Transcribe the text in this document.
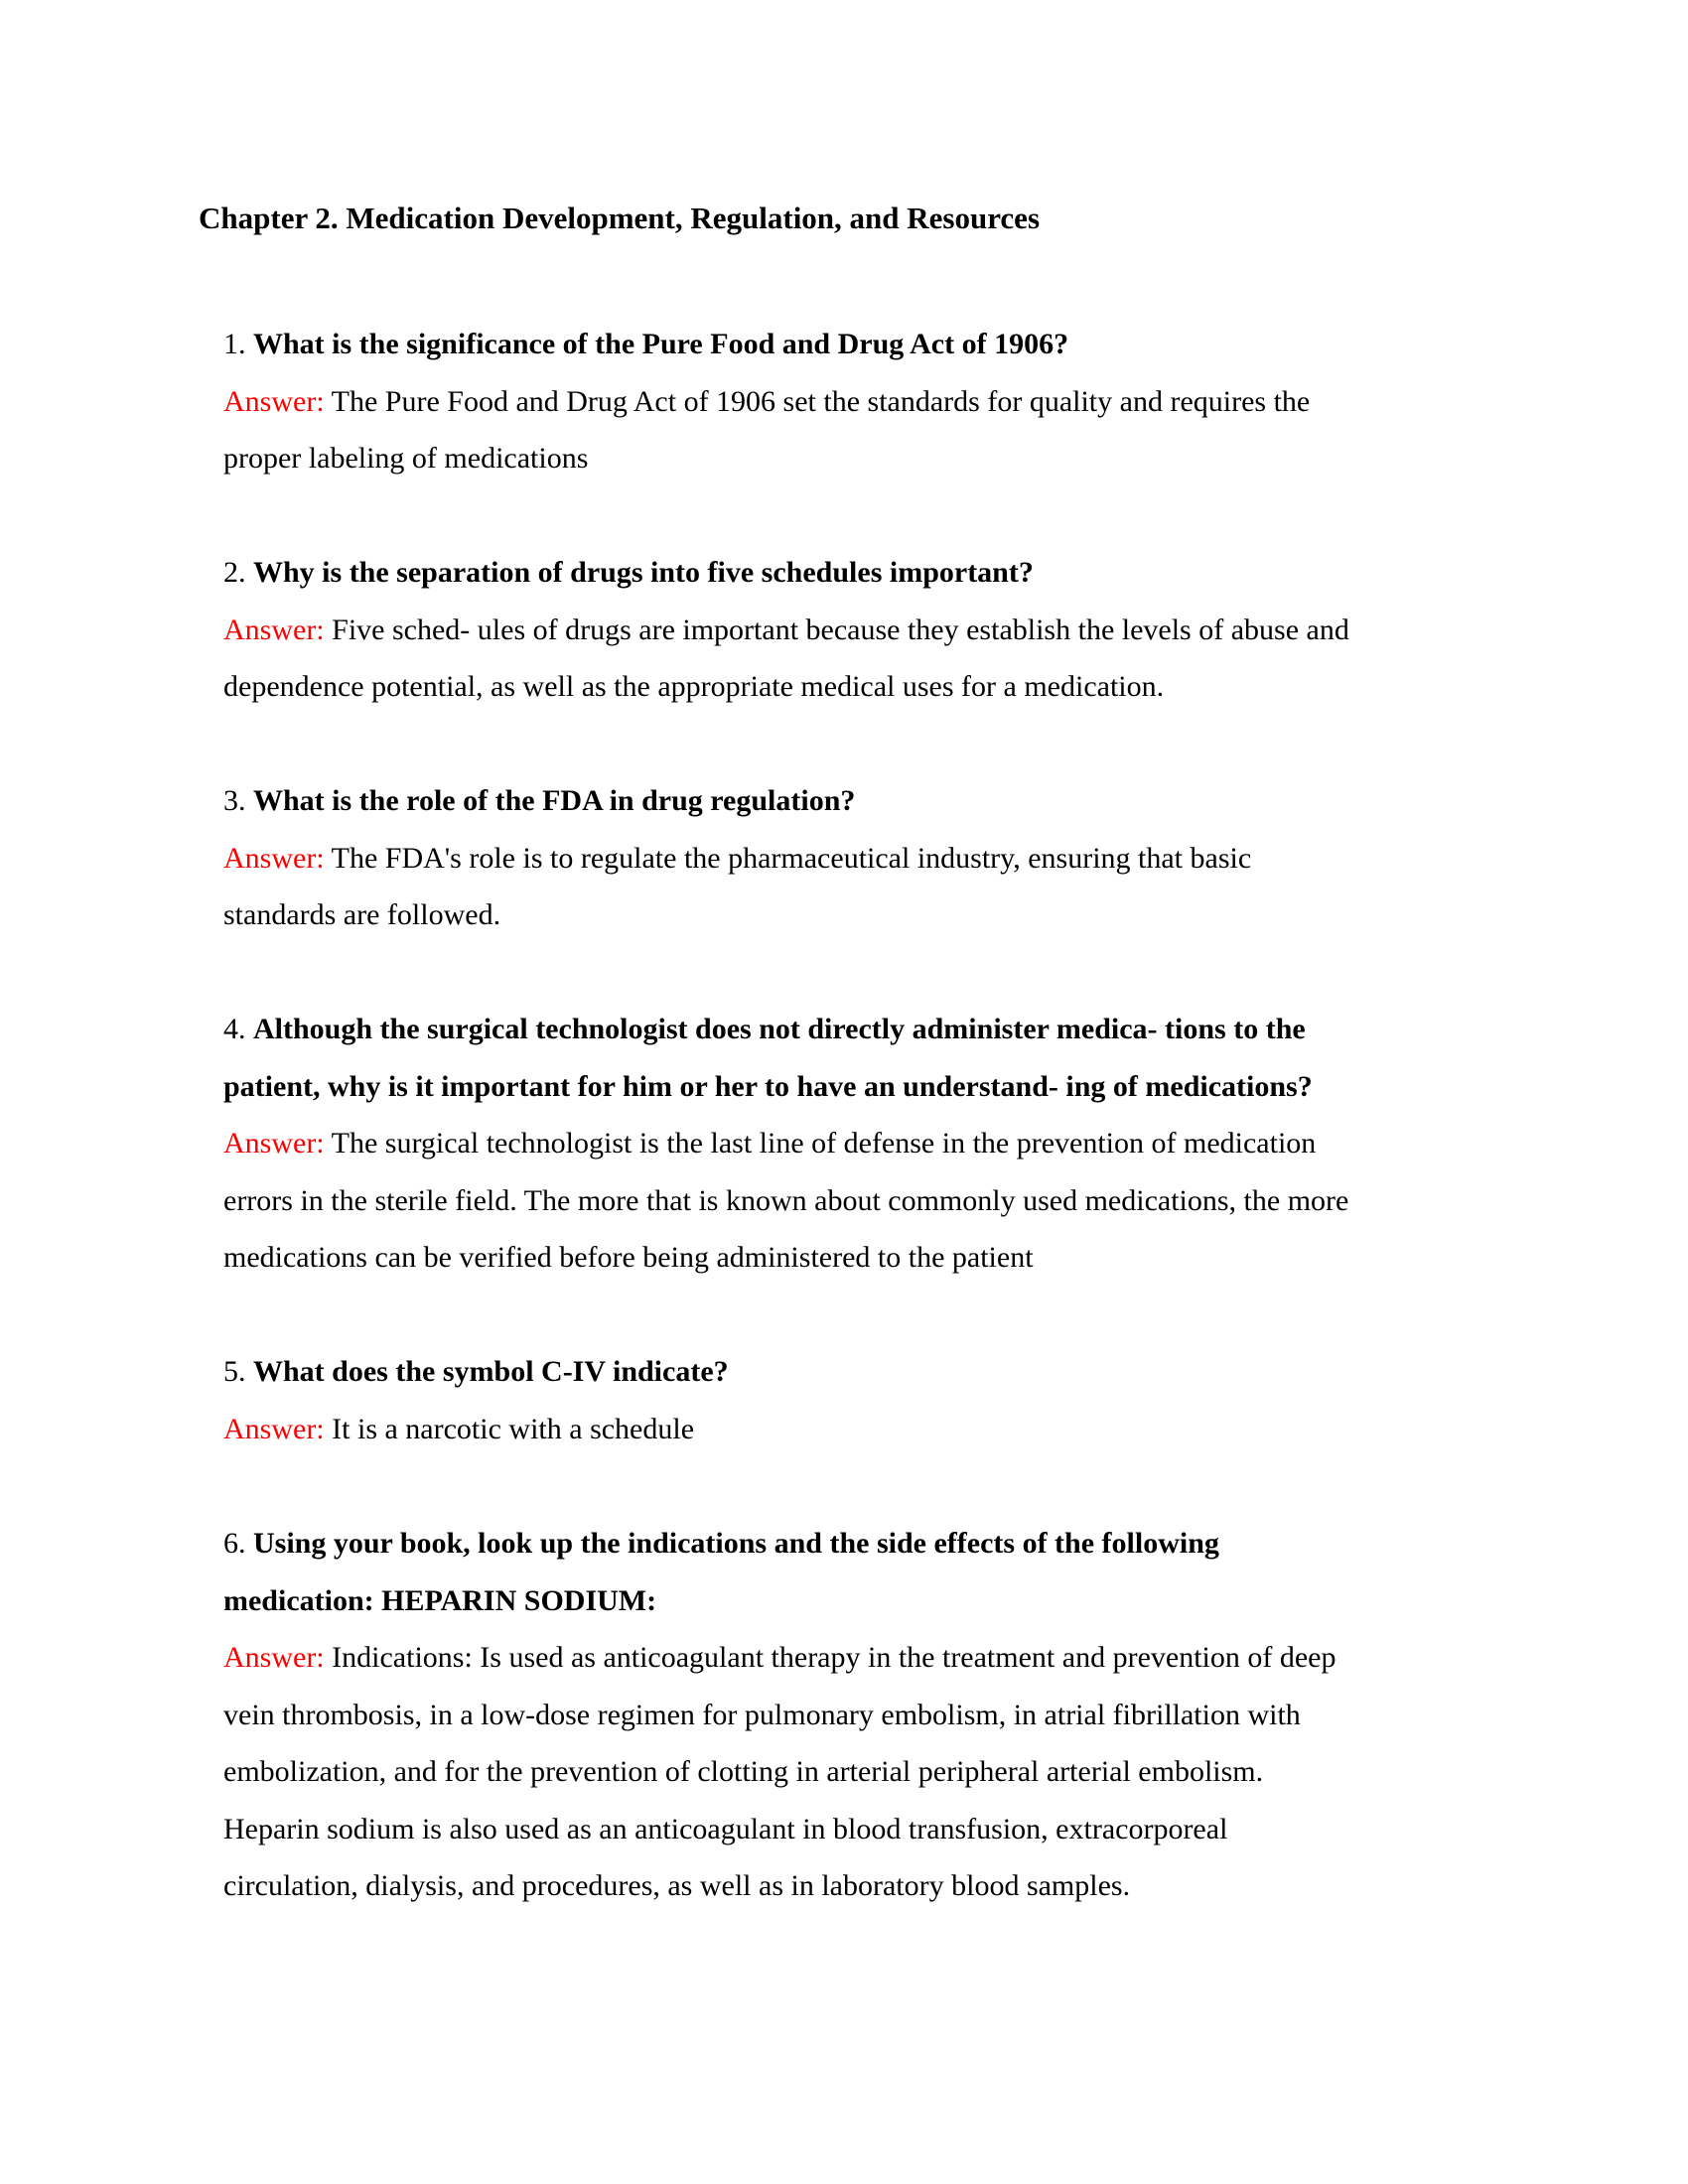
Chapter 2. Medication Development, Regulation, and Resources
1. What is the significance of the Pure Food and Drug Act of 1906?
Answer: The Pure Food and Drug Act of 1906 set the standards for quality and requires the
proper labeling of medications
2. Why is the separation of drugs into five schedules important?
Answer: Five sched- ules of drugs are important because they establish the levels of abuse and
dependence potential, as well as the appropriate medical uses for a medication.
3. What is the role of the FDA in drug regulation?
Answer: The FDA's role is to regulate the pharmaceutical industry, ensuring that basic
standards are followed.
4. Although the surgical technologist does not directly administer medica- tions to the
patient, why is it important for him or her to have an understand- ing of medications?
Answer: The surgical technologist is the last line of defense in the prevention of medication
errors in the sterile field. The more that is known about commonly used medications, the more
medications can be verified before being administered to the patient
5. What does the symbol C-IV indicate?
Answer: It is a narcotic with a schedule
6. Using your book, look up the indications and the side effects of the following
medication: HEPARIN SODIUM:
Answer: Indications: Is used as anticoagulant therapy in the treatment and prevention of deep
vein thrombosis, in a low-dose regimen for pulmonary embolism, in atrial fibrillation with
embolization, and for the prevention of clotting in arterial peripheral arterial embolism.
Heparin sodium is also used as an anticoagulant in blood transfusion, extracorporeal
circulation, dialysis, and procedures, as well as in laboratory blood samples.
